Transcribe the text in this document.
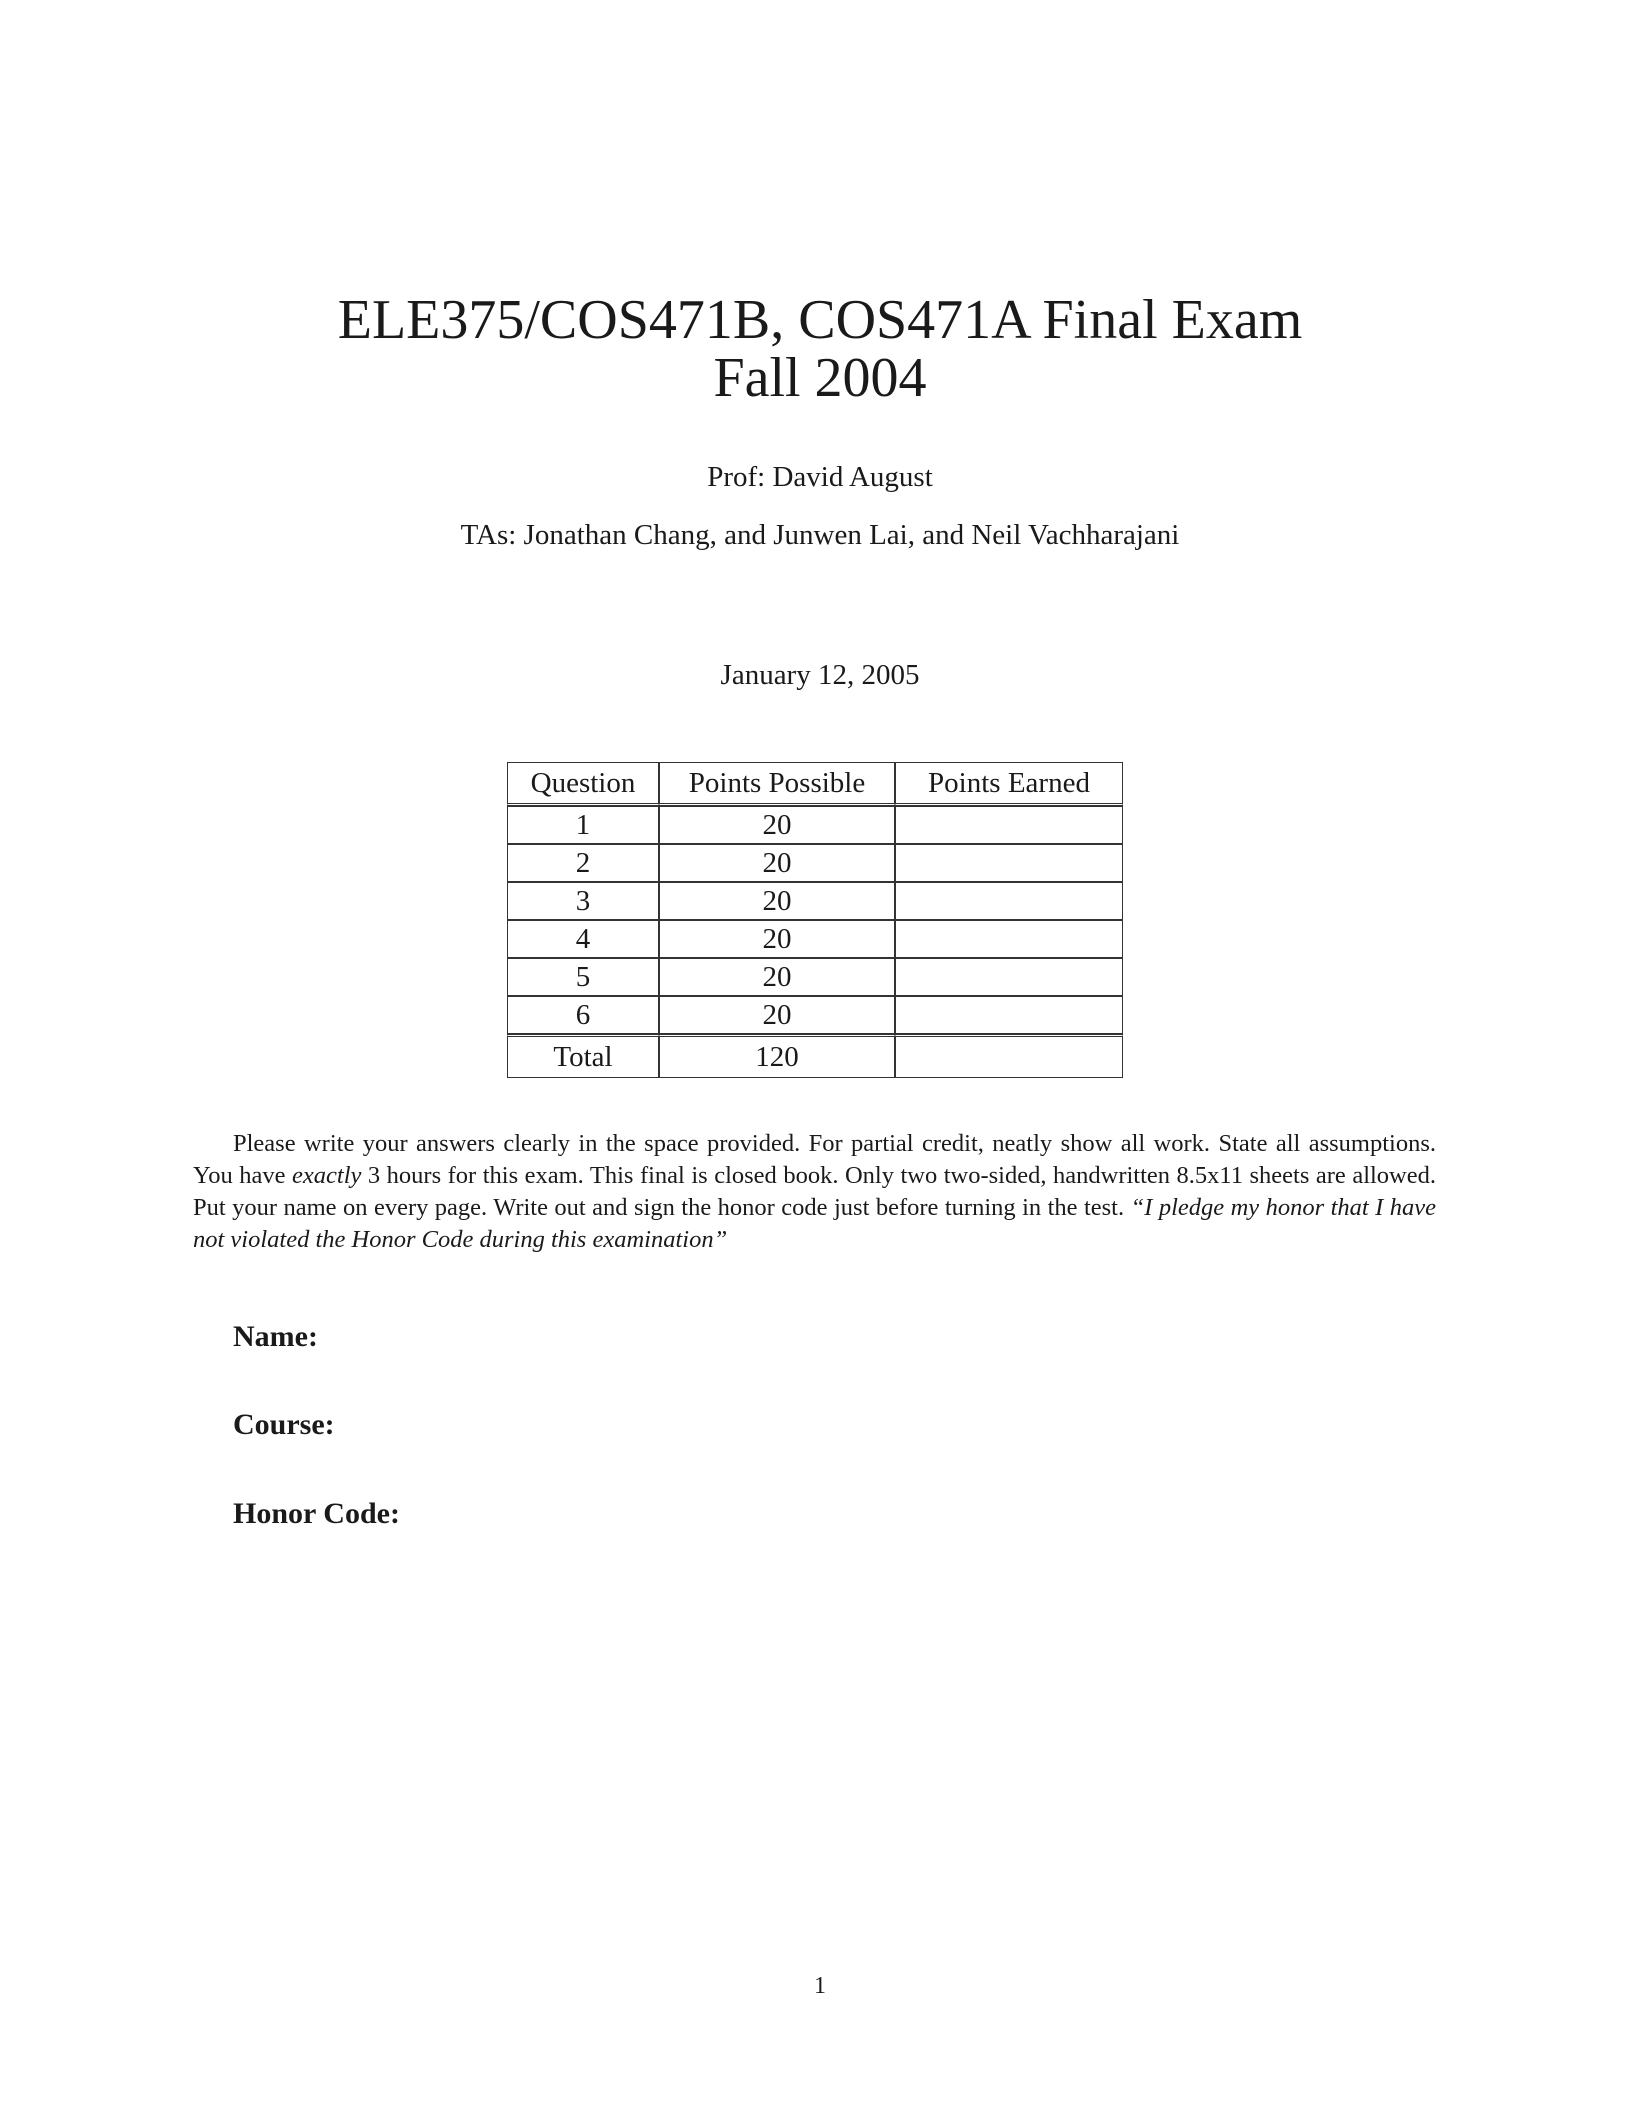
ELE375/COS471B, COS471A Final Exam
Fall 2004
Prof: David August
TAs: Jonathan Chang, and Junwen Lai, and Neil Vachharajani
January 12, 2005
Question	Points Possible	Points Earned
1	20	
2	20	
3	20	
4	20	
5	20	
6	20	
Total	120	

Please write your answers clearly in the space provided. For partial credit, neatly show all work. State all assumptions. You have exactly 3 hours for this exam. This final is closed book. Only two two-sided, handwritten 8.5x11 sheets are allowed. Put your name on every page. Write out and sign the honor code just before turning in the test. “I pledge my honor that I have not violated the Honor Code during this examination”

Name:
Course:
Honor Code:
1
